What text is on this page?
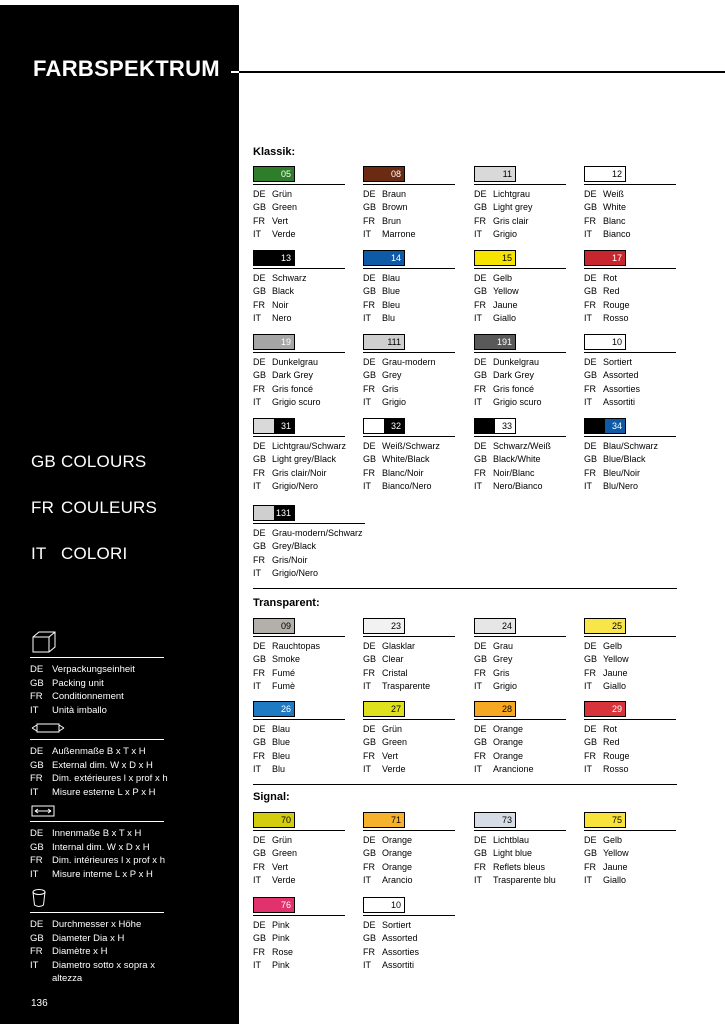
GB COLOURS
FR COULEURS
IT COLORI
DE Verpackungseinheit
GB Packing unit
FR Conditionnement
IT	Unità imballo
DE Außenmaße B x T x H
GB External dim. W x D x H
FR Dim. extérieures l x prof x h
IT	Misure esterne L x P x H
DE Innenmaße B x T x H
GB Internal dim. W x D x H
FR Dim. intérieures l x prof x h
IT	Misure interne L x P x H
DE Durchmesser x Höhe
GB Diameter Dia x H
FR Diamètre x H
IT	Diametro sotto x sopra x
altezza
136
FARBSPEKTRUM
Klassik:
Transparent:
Signal:
05
DE Grün
GB Green
FR Vert
IT	Verde
08
DE Braun
GB Brown
FR Brun
IT	Marrone
11
DE Lichtgrau
GB Light grey
FR Gris clair
IT	Grigio
12
DE Weiß
GB White
FR Blanc
IT	Bianco
13
DE Schwarz
GB Black
FR Noir
IT	Nero
14
DE Blau
GB Blue
FR Bleu
IT	Blu
15
DE Gelb
GB Yellow
FR Jaune
IT	Giallo
17
DE Rot
GB Red
FR Rouge
IT	Rosso
19
DE Dunkelgrau
GB Dark Grey
FR Gris foncé
IT	Grigio scuro
111
DE Grau-modern
GB Grey
FR Gris
IT	Grigio
191
DE Dunkelgrau
GB Dark Grey
FR Gris foncé
IT	Grigio scuro
10
DE Sortiert
GB Assorted
FR Assorties
IT	Assortiti
31
DE Lichtgrau/Schwarz
GB Light grey/Black
FR Gris clair/Noir
IT	Grigio/Nero
32
DE Weiß/Schwarz
GB White/Black
FR Blanc/Noir
IT	Bianco/Nero
33
DE Schwarz/Weiß
GB Black/White
FR Noir/Blanc
IT	Nero/Bianco
34
DE Blau/Schwarz
GB Blue/Black
FR Bleu/Noir
IT	Blu/Nero
131
DE Grau-modern/Schwarz
GB Grey/Black
FR Gris/Noir
IT	Grigio/Nero
09
DE Rauchtopas
GB Smoke
FR Fumé
IT	Fumè
23
DE Glasklar
GB Clear
FR Cristal
IT	Trasparente
24
DE Grau
GB Grey
FR Gris
IT	Grigio
25
DE Gelb
GB Yellow
FR Jaune
IT	Giallo
26
DE Blau
GB Blue
FR Bleu
IT	Blu
27
DE Grün
GB Green
FR Vert
IT	Verde
28
DE Orange
GB Orange
FR Orange
IT	Arancione
29
DE Rot
GB Red
FR Rouge
IT	Rosso
70
DE Grün
GB Green
FR Vert
IT	Verde
71
DE Orange
GB Orange
FR Orange
IT	Arancio
73
DE Lichtblau
GB Light blue
FR Reflets bleus
IT	Trasparente blu
75
DE Gelb
GB Yellow
FR Jaune
IT	Giallo
76
DE Pink
GB Pink
FR Rose
IT	Pink
10
DE Sortiert
GB Assorted
FR Assorties
IT	Assortiti
